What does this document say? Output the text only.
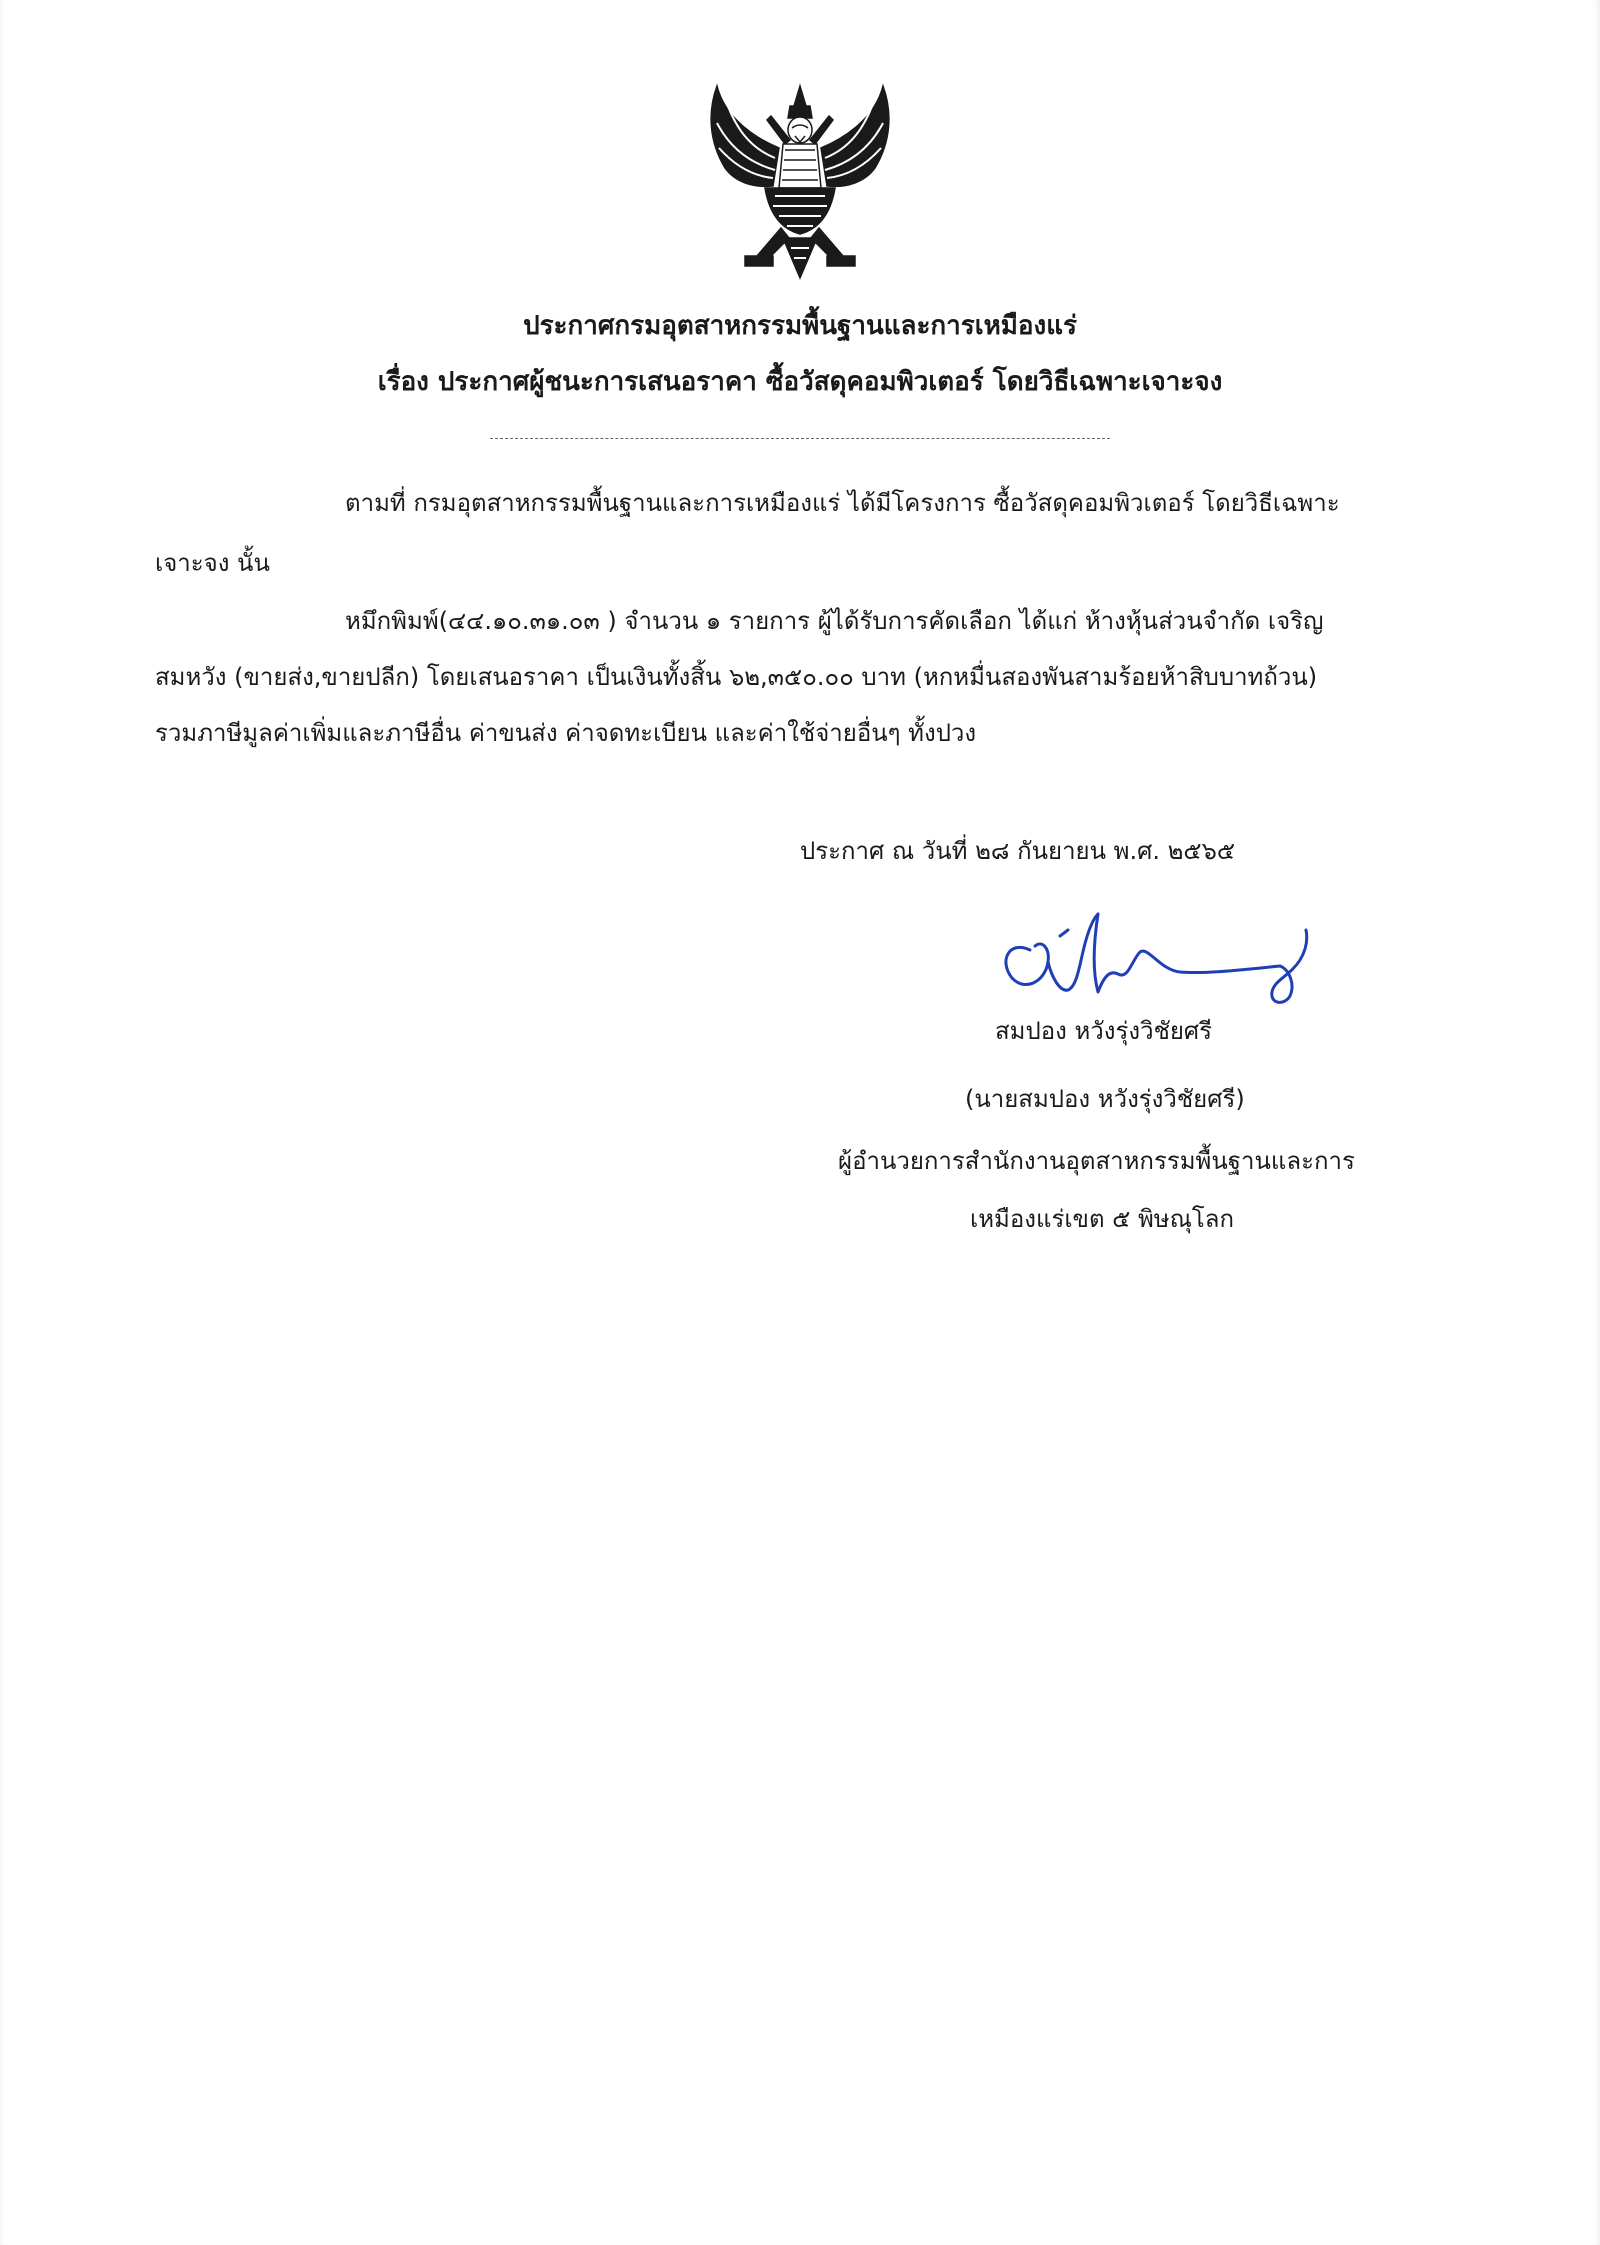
ประกาศกรมอุตสาหกรรมพื้นฐานและการเหมืองแร่
เรื่อง ประกาศผู้ชนะการเสนอราคา ซื้อวัสดุคอมพิวเตอร์ โดยวิธีเฉพาะเจาะจง
ตามที่ กรมอุตสาหกรรมพื้นฐานและการเหมืองแร่ ได้มีโครงการ ซื้อวัสดุคอมพิวเตอร์ โดยวิธีเฉพาะ
เจาะจง นั้น
หมึกพิมพ์(๔๔.๑๐.๓๑.๐๓ ) จำนวน ๑ รายการ ผู้ได้รับการคัดเลือก ได้แก่ ห้างหุ้นส่วนจำกัด เจริญ
สมหวัง (ขายส่ง,ขายปลีก) โดยเสนอราคา เป็นเงินทั้งสิ้น ๖๒,๓๕๐.๐๐ บาท (หกหมื่นสองพันสามร้อยห้าสิบบาทถ้วน)
รวมภาษีมูลค่าเพิ่มและภาษีอื่น ค่าขนส่ง ค่าจดทะเบียน และค่าใช้จ่ายอื่นๆ ทั้งปวง
ประกาศ ณ วันที่ ๒๘ กันยายน พ.ศ. ๒๕๖๕
สมปอง หวังรุ่งวิชัยศรี
(นายสมปอง หวังรุ่งวิชัยศรี)
ผู้อำนวยการสำนักงานอุตสาหกรรมพื้นฐานและการ
เหมืองแร่เขต ๕ พิษณุโลก
